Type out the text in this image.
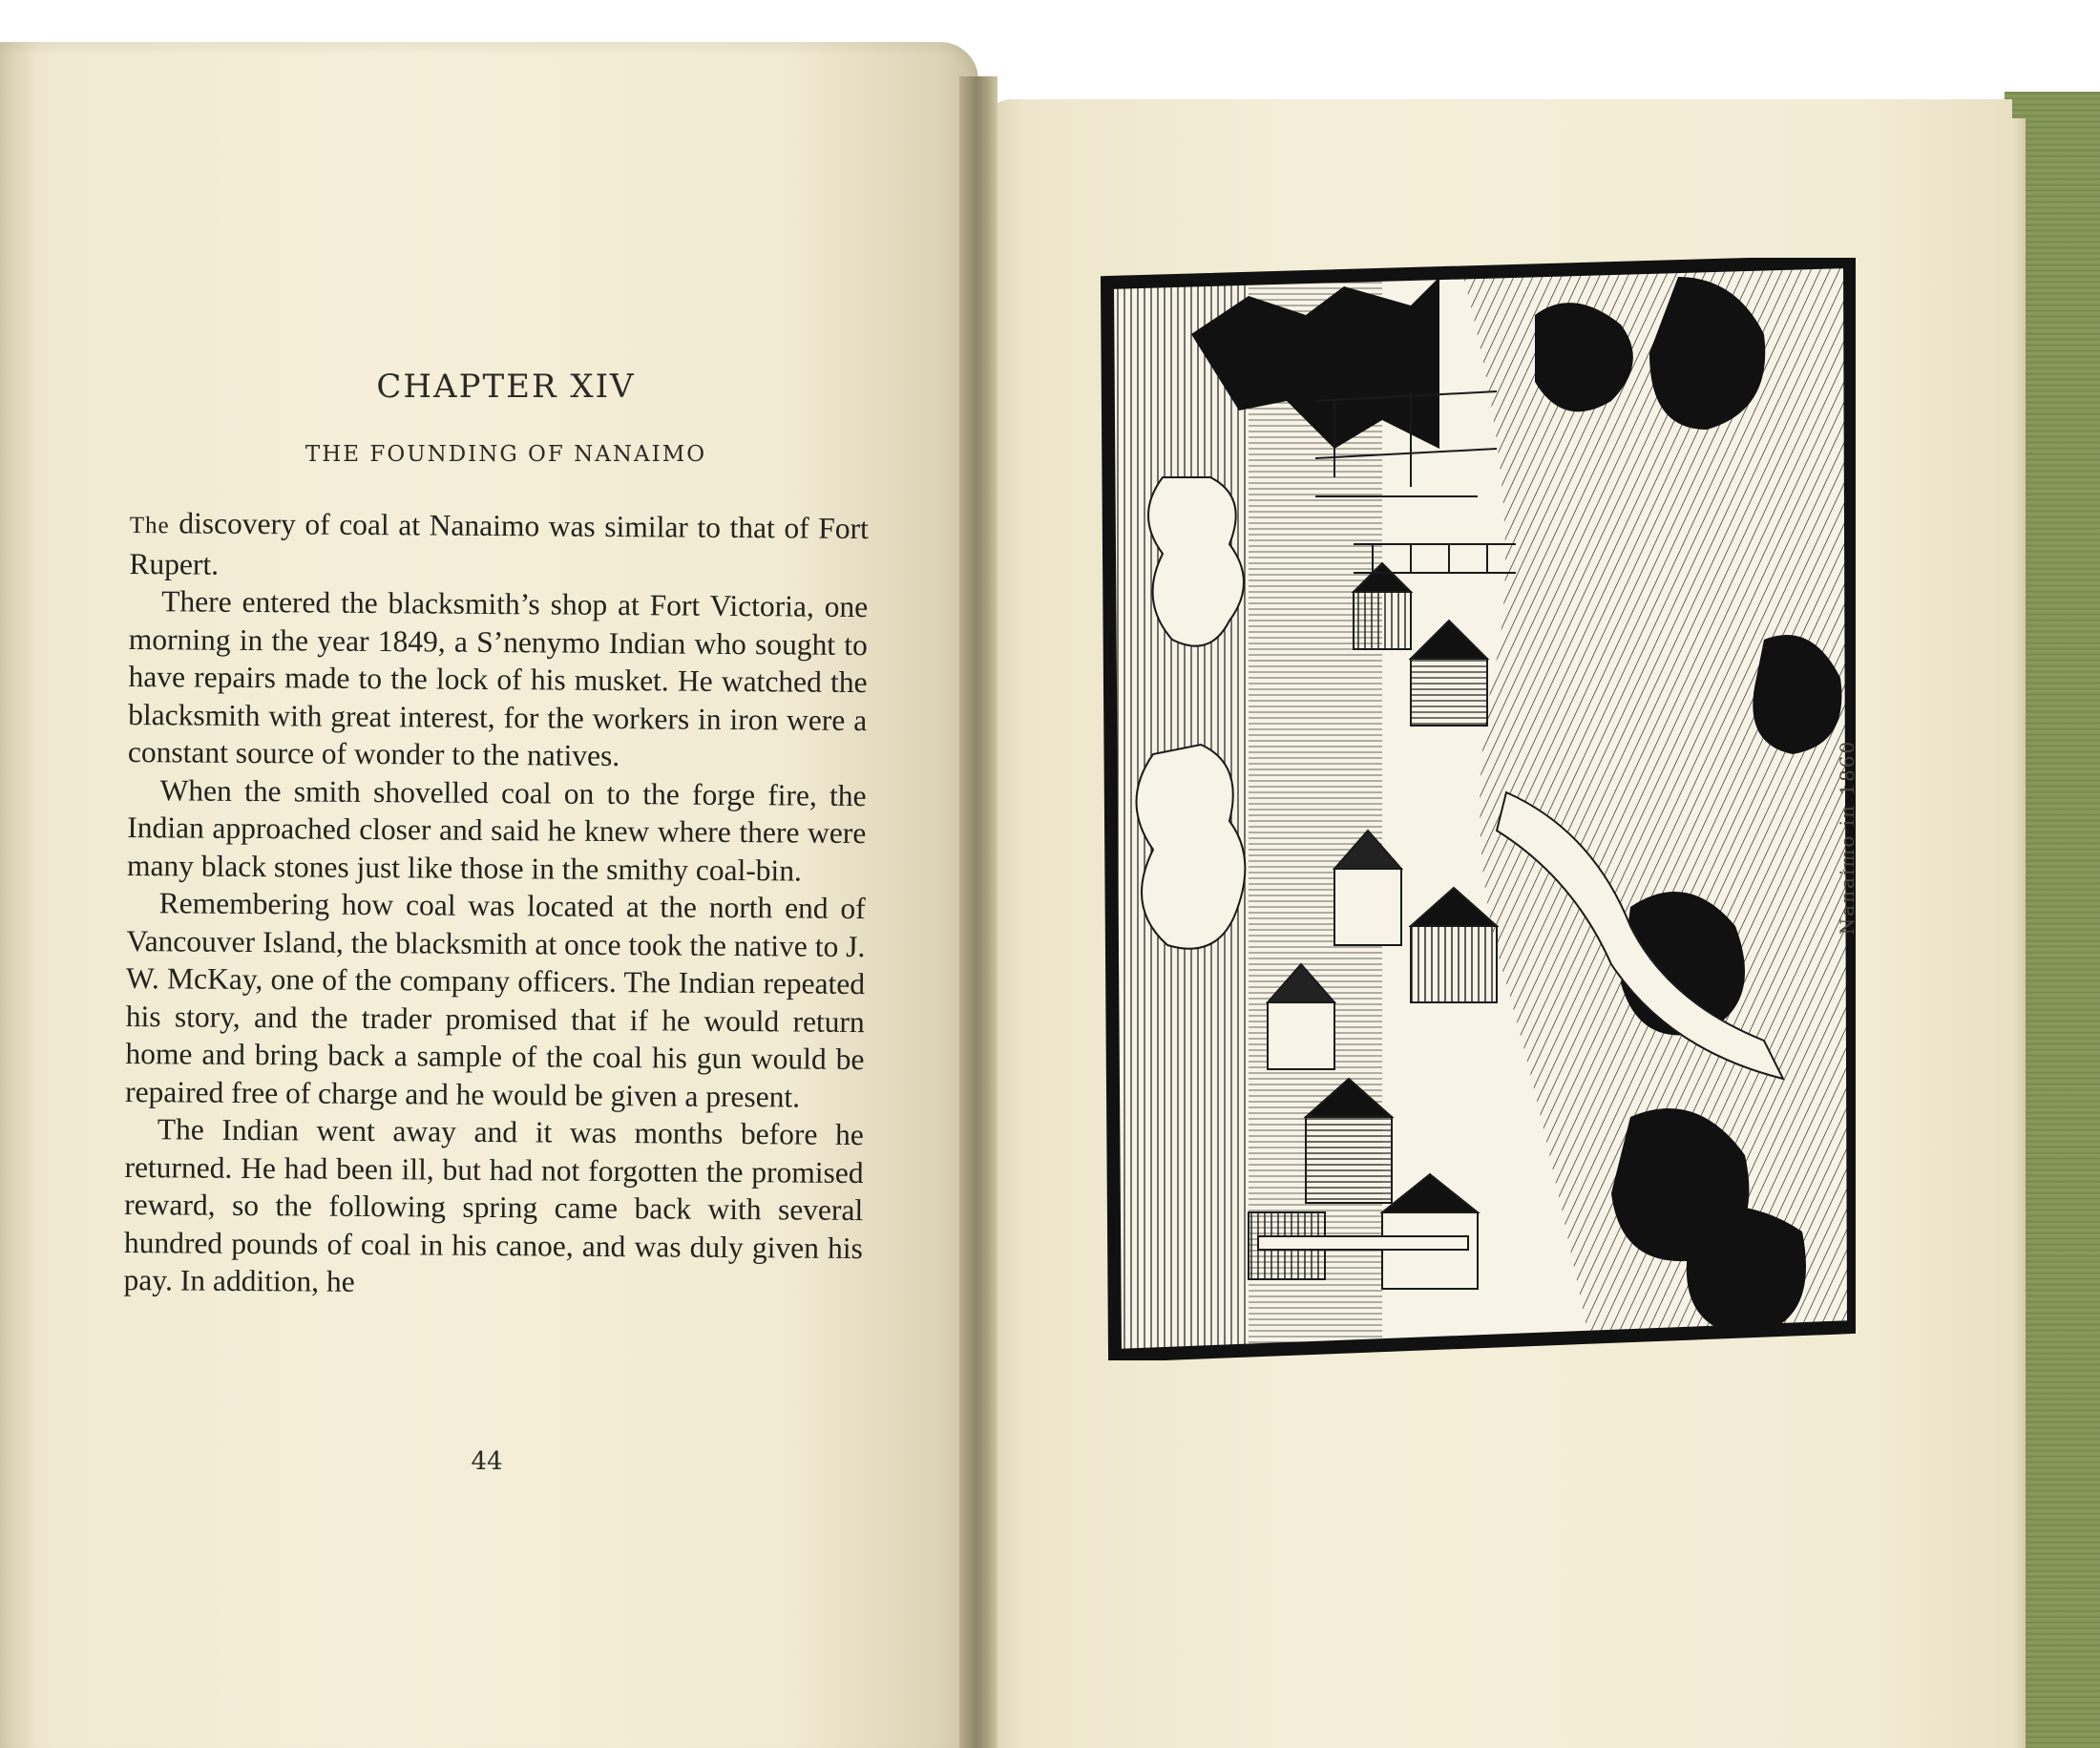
CHAPTER XIV
THE FOUNDING OF NANAIMO

The discovery of coal at Nanaimo was similar to that of Fort Rupert.

There entered the blacksmith’s shop at Fort Victoria, one morning in the year 1849, a S’nenymo Indian who sought to have repairs made to the lock of his musket. He watched the blacksmith with great interest, for the workers in iron were a constant source of wonder to the natives.

When the smith shovelled coal on to the forge fire, the Indian approached closer and said he knew where there were many black stones just like those in the smithy coal-bin.

Remembering how coal was located at the north end of Vancouver Island, the blacksmith at once took the native to J. W. McKay, one of the company officers. The Indian repeated his story, and the trader promised that if he would return home and bring back a sample of the coal his gun would be repaired free of charge and he would be given a present.

The Indian went away and it was months before he returned. He had been ill, but had not forgotten the promised reward, so the following spring came back with several hundred pounds of coal in his canoe, and was duly given his pay. In addition, he

44
Nanaimo in 1860
